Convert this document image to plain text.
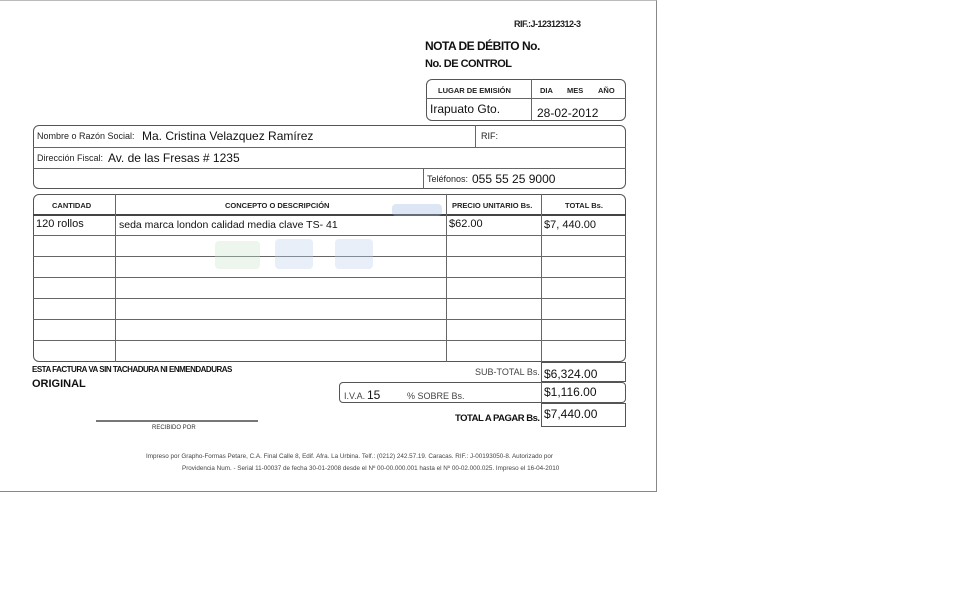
RIF.:J-12312312-3
NOTA DE DÉBITO No.
No. DE CONTROL
LUGAR DE EMISIÓN	DIA MES AÑO
Irapuato Gto.	28-02-2012
Nombre o Razón Social: Ma. Cristina Velazquez Ramírez	RIF:
Dirección Fiscal: Av. de las Fresas # 1235
Teléfonos: 055 55 25 9000
CANTIDAD	CONCEPTO O DESCRIPCIÓN	PRECIO UNITARIO Bs.	TOTAL Bs.
120 rollos	seda marca london calidad media clave TS- 41	$62.00	$7, 440.00
ESTA FACTURA VA SIN TACHADURA NI ENMENDADURAS
ORIGINAL
RECIBIDO POR
SUB-TOTAL Bs. $6,324.00
I.V.A. 15	% SOBRE Bs.	$1,116.00
TOTAL A PAGAR Bs. $7,440.00
Impreso por Grapho-Formas Petare, C.A. Final Calle 8, Edif. Afra. La Urbina. Telf.: (0212) 242.57.19. Caracas. RIF.: J-00193050-8. Autorizado por
Providencia Num. - Serial 11-00037 de fecha 30-01-2008 desde el Nº 00-00.000.001 hasta el Nº 00-02.000.025. Impreso el 16-04-2010
